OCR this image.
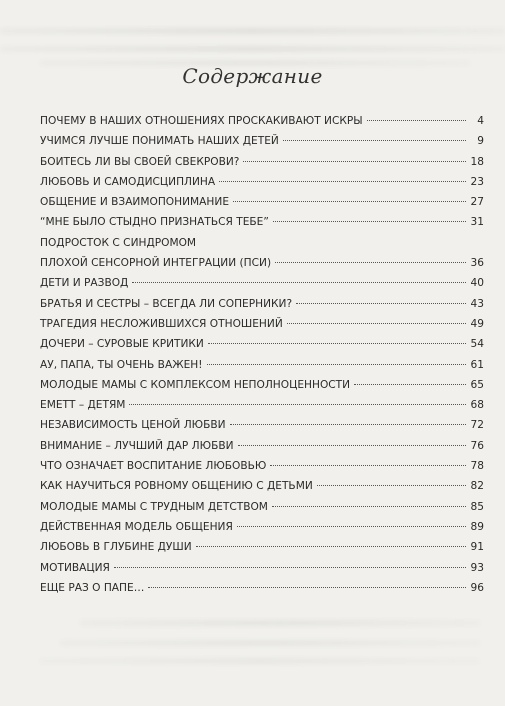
Содержание
ПОЧЕМУ В НАШИХ ОТНОШЕНИЯХ ПРОСКАКИВАЮТ ИСКРЫ	4
УЧИМСЯ ЛУЧШЕ ПОНИМАТЬ НАШИХ ДЕТЕЙ	9
БОИТЕСЬ ЛИ ВЫ СВОЕЙ СВЕКРОВИ?	18
ЛЮБОВЬ И САМОДИСЦИПЛИНА	23
ОБЩЕНИЕ И ВЗАИМОПОНИМАНИЕ	27
“МНЕ БЫЛО СТЫДНО ПРИЗНАТЬСЯ ТЕБЕ”	31
ПОДРОСТОК С СИНДРОМОМ
ПЛОХОЙ СЕНСОРНОЙ ИНТЕГРАЦИИ (ПСИ)	36
ДЕТИ И РАЗВОД	40
БРАТЬЯ И СЕСТРЫ – ВСЕГДА ЛИ СОПЕРНИКИ?	43
ТРАГЕДИЯ НЕСЛОЖИВШИХСЯ ОТНОШЕНИЙ	49
ДОЧЕРИ – СУРОВЫЕ КРИТИКИ	54
АУ, ПАПА, ТЫ ОЧЕНЬ ВАЖЕН!	61
МОЛОДЫЕ МАМЫ С КОМПЛЕКСОМ НЕПОЛНОЦЕННОСТИ	65
ЕМЕТТ – ДЕТЯМ	68
НЕЗАВИСИМОСТЬ ЦЕНОЙ ЛЮБВИ	72
ВНИМАНИЕ – ЛУЧШИЙ ДАР ЛЮБВИ	76
ЧТО ОЗНАЧАЕТ ВОСПИТАНИЕ ЛЮБОВЬЮ	78
КАК НАУЧИТЬСЯ РОВНОМУ ОБЩЕНИЮ С ДЕТЬМИ	82
МОЛОДЫЕ МАМЫ С ТРУДНЫМ ДЕТСТВОМ	85
ДЕЙСТВЕННАЯ МОДЕЛЬ ОБЩЕНИЯ	89
ЛЮБОВЬ В ГЛУБИНЕ ДУШИ	91
МОТИВАЦИЯ	93
ЕЩЕ РАЗ О ПАПЕ…	96
